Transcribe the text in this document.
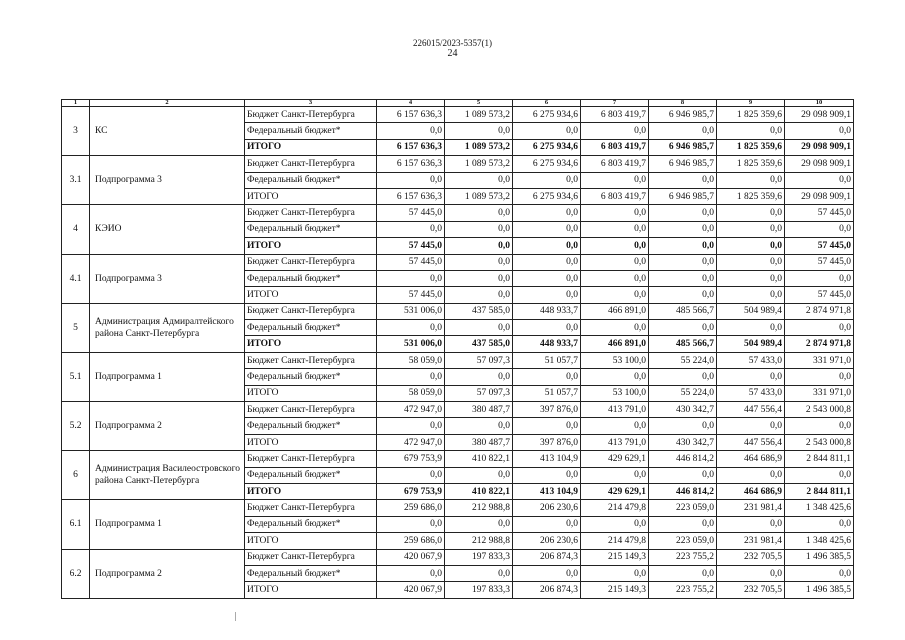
226015/2023-5357(1)
24
1	2	3	4	5	6	7	8	9	10
3	КС	Бюджет Санкт-Петербурга	6 157 636,3	1 089 573,2	6 275 934,6	6 803 419,7	6 946 985,7	1 825 359,6	29 098 909,1
		Федеральный бюджет*	0,0	0,0	0,0	0,0	0,0	0,0	0,0
		ИТОГО	6 157 636,3	1 089 573,2	6 275 934,6	6 803 419,7	6 946 985,7	1 825 359,6	29 098 909,1
3.1	Подпрограмма 3	Бюджет Санкт-Петербурга	6 157 636,3	1 089 573,2	6 275 934,6	6 803 419,7	6 946 985,7	1 825 359,6	29 098 909,1
		Федеральный бюджет*	0,0	0,0	0,0	0,0	0,0	0,0	0,0
		ИТОГО	6 157 636,3	1 089 573,2	6 275 934,6	6 803 419,7	6 946 985,7	1 825 359,6	29 098 909,1
4	КЭИО	Бюджет Санкт-Петербурга	57 445,0	0,0	0,0	0,0	0,0	0,0	57 445,0
		Федеральный бюджет*	0,0	0,0	0,0	0,0	0,0	0,0	0,0
		ИТОГО	57 445,0	0,0	0,0	0,0	0,0	0,0	57 445,0
4.1	Подпрограмма 3	Бюджет Санкт-Петербурга	57 445,0	0,0	0,0	0,0	0,0	0,0	57 445,0
		Федеральный бюджет*	0,0	0,0	0,0	0,0	0,0	0,0	0,0
		ИТОГО	57 445,0	0,0	0,0	0,0	0,0	0,0	57 445,0
5	Администрация Адмиралтейского района Санкт-Петербурга	Бюджет Санкт-Петербурга	531 006,0	437 585,0	448 933,7	466 891,0	485 566,7	504 989,4	2 874 971,8
		Федеральный бюджет*	0,0	0,0	0,0	0,0	0,0	0,0	0,0
		ИТОГО	531 006,0	437 585,0	448 933,7	466 891,0	485 566,7	504 989,4	2 874 971,8
5.1	Подпрограмма 1	Бюджет Санкт-Петербурга	58 059,0	57 097,3	51 057,7	53 100,0	55 224,0	57 433,0	331 971,0
		Федеральный бюджет*	0,0	0,0	0,0	0,0	0,0	0,0	0,0
		ИТОГО	58 059,0	57 097,3	51 057,7	53 100,0	55 224,0	57 433,0	331 971,0
5.2	Подпрограмма 2	Бюджет Санкт-Петербурга	472 947,0	380 487,7	397 876,0	413 791,0	430 342,7	447 556,4	2 543 000,8
		Федеральный бюджет*	0,0	0,0	0,0	0,0	0,0	0,0	0,0
		ИТОГО	472 947,0	380 487,7	397 876,0	413 791,0	430 342,7	447 556,4	2 543 000,8
6	Администрация Василеостровского района Санкт-Петербурга	Бюджет Санкт-Петербурга	679 753,9	410 822,1	413 104,9	429 629,1	446 814,2	464 686,9	2 844 811,1
		Федеральный бюджет*	0,0	0,0	0,0	0,0	0,0	0,0	0,0
		ИТОГО	679 753,9	410 822,1	413 104,9	429 629,1	446 814,2	464 686,9	2 844 811,1
6.1	Подпрограмма 1	Бюджет Санкт-Петербурга	259 686,0	212 988,8	206 230,6	214 479,8	223 059,0	231 981,4	1 348 425,6
		Федеральный бюджет*	0,0	0,0	0,0	0,0	0,0	0,0	0,0
		ИТОГО	259 686,0	212 988,8	206 230,6	214 479,8	223 059,0	231 981,4	1 348 425,6
6.2	Подпрограмма 2	Бюджет Санкт-Петербурга	420 067,9	197 833,3	206 874,3	215 149,3	223 755,2	232 705,5	1 496 385,5
		Федеральный бюджет*	0,0	0,0	0,0	0,0	0,0	0,0	0,0
		ИТОГО	420 067,9	197 833,3	206 874,3	215 149,3	223 755,2	232 705,5	1 496 385,5
